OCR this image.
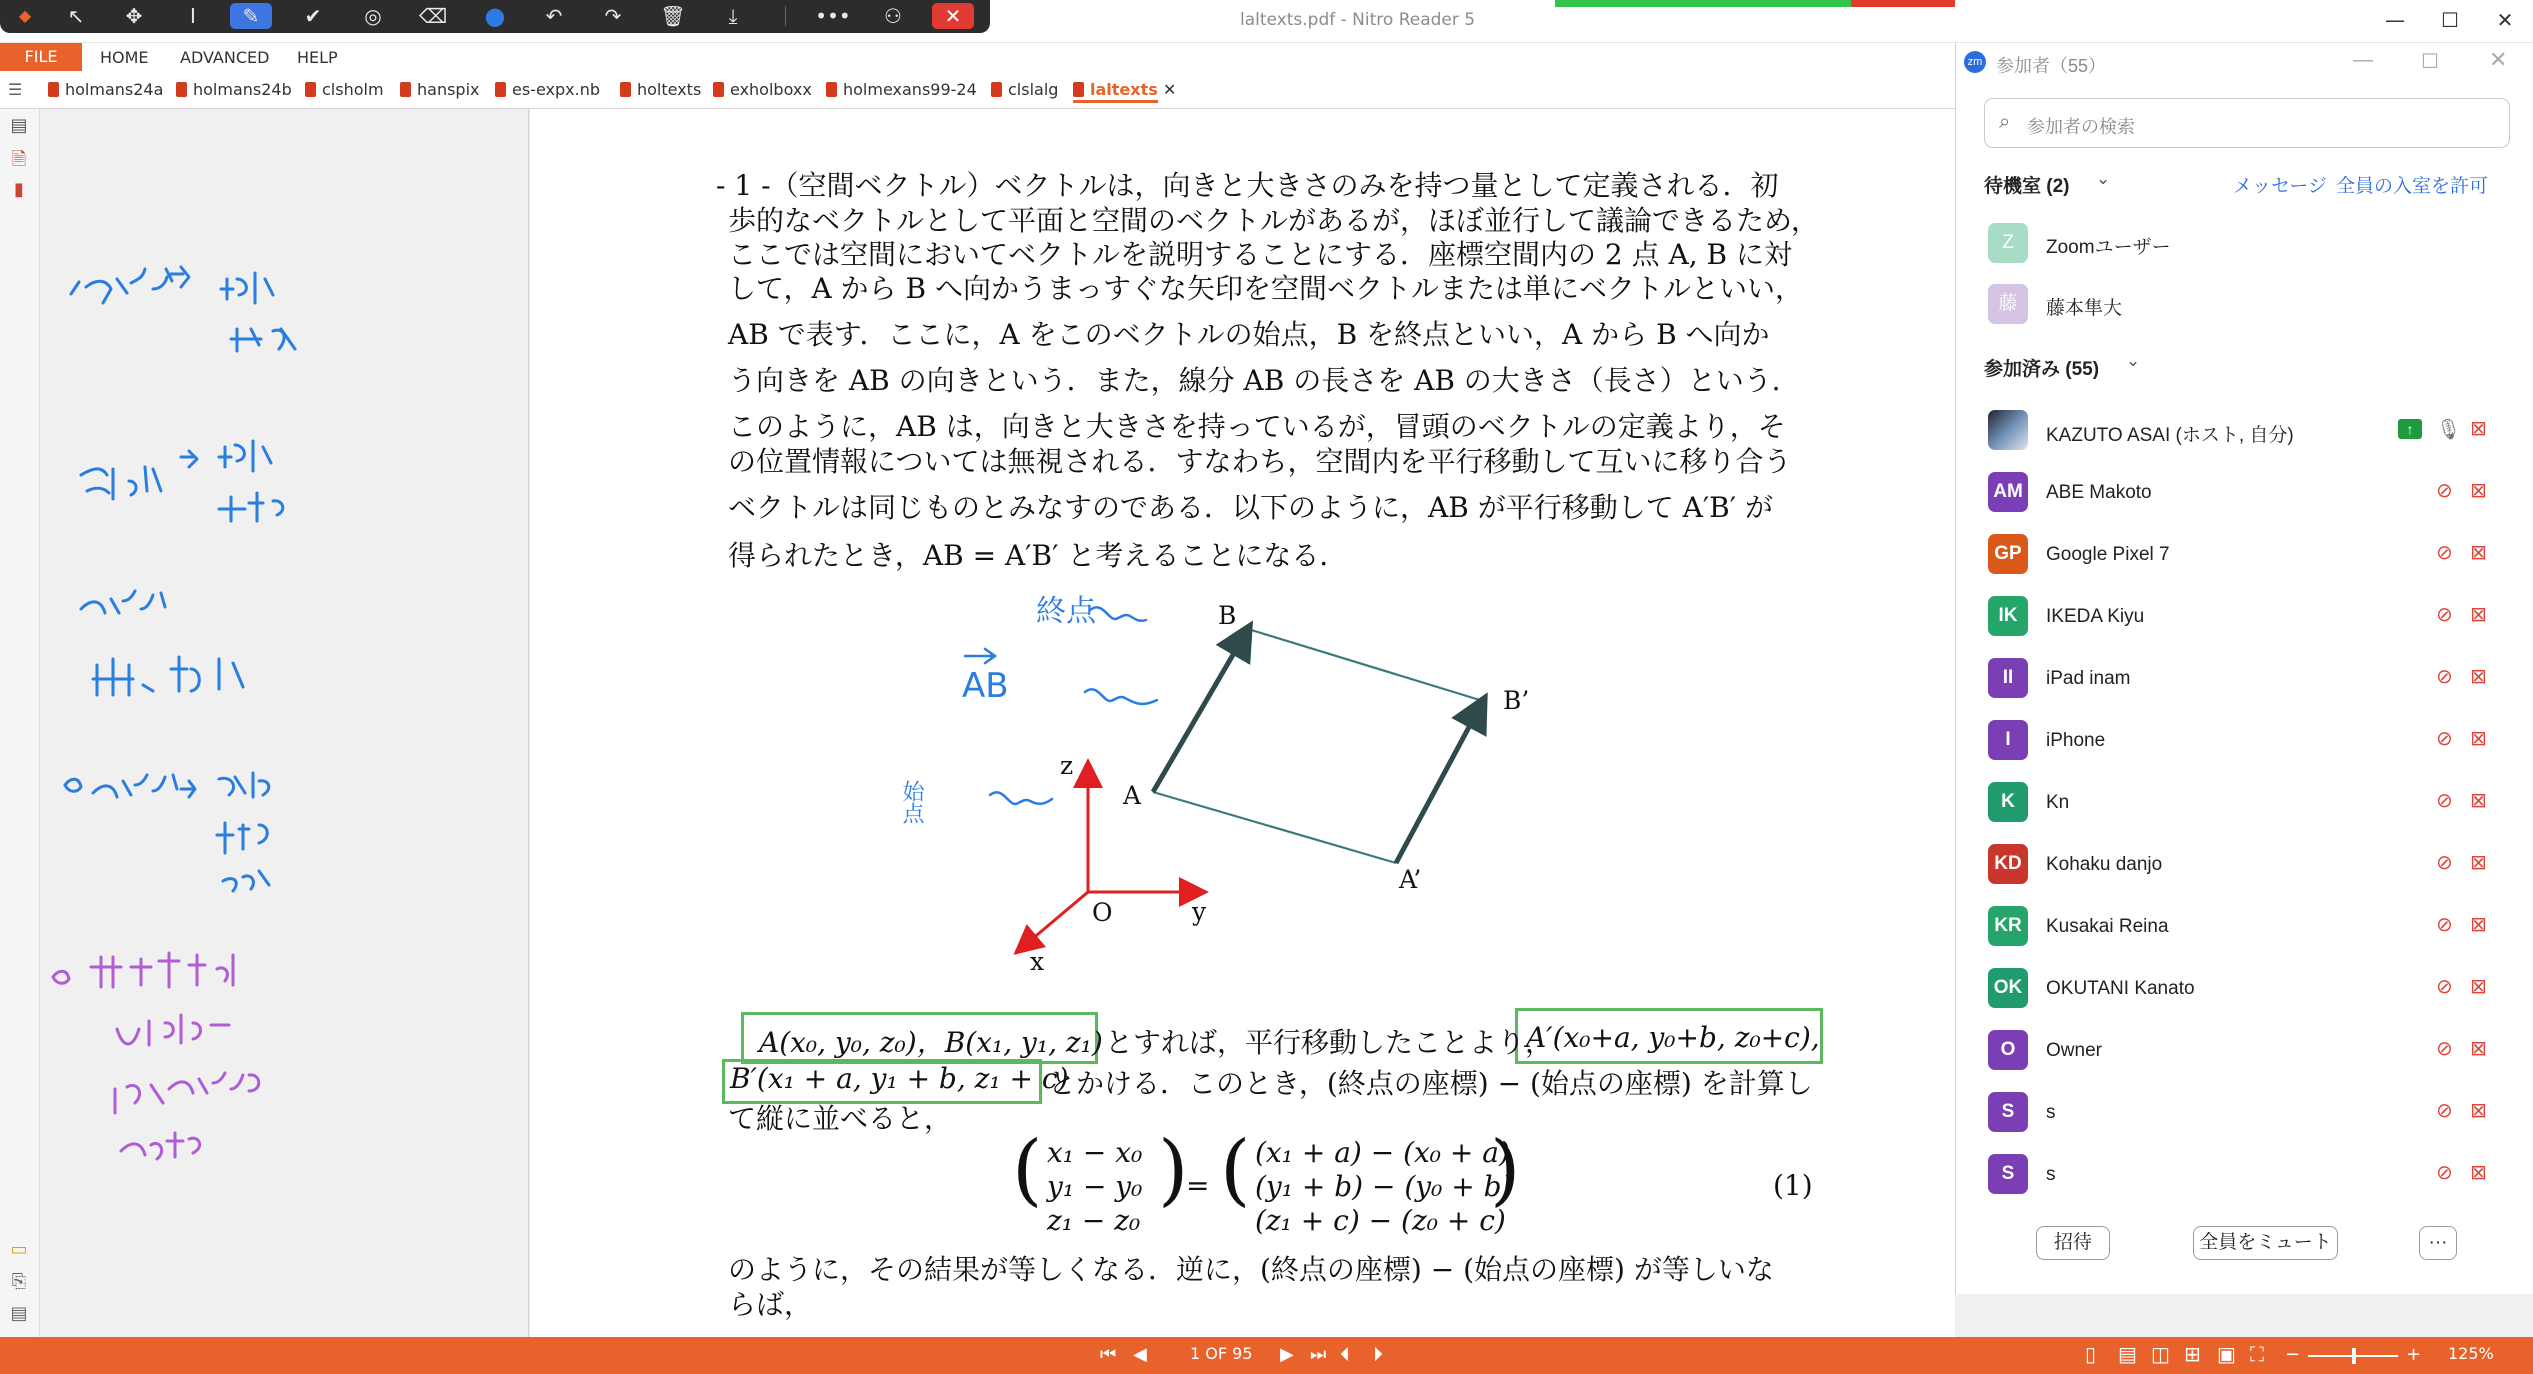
laltexts.pdf - Nitro Reader 5	—	☐	✕
◆	↖	✥	I	✎	✔	◎	⌫	●	↶	↷	🗑	⤓	•••	⚇	✕
FILE	HOME ADVANCED HELP
☰	holmans24a	holmans24b	clsholm	hanspix	es-expx.nb	holtexts	exholboxx	holmexans99-24	clslalg	laltexts ✕
▤
🗎
▮
▭
⎘
▤
- 1 -（空間ベクトル）ベクトルは，向きと大きさのみを持つ量として定義される．初
歩的なベクトルとして平面と空間のベクトルがあるが，ほぼ並行して議論できるため，
ここでは空間においてベクトルを説明することにする．座標空間内の 2 点 A, B に対
して，A から B へ向かうまっすぐな矢印を空間ベクトルまたは単にベクトルといい，
AB で表す．ここに，A をこのベクトルの始点，B を終点といい，A から B へ向か
う向きを AB の向きという．また，線分 AB の長さを AB の大きさ（長さ）という．
このように，AB は，向きと大きさを持っているが，冒頭のベクトルの定義より，そ
の位置情報については無視される．すなわち，空間内を平行移動して互いに移り合う
ベクトルは同じものとみなすのである．以下のように，AB が平行移動して A′B′ が
得られたとき，AB = A′B′ と考えることになる．
B
B’
A
A’
O	y
z
x
終点
AB
始点
A(x₀, y₀, z₀)，B(x₁, y₁, z₁) とすれば，平行移動したことより，
A′(x₀+a, y₀+b, z₀+c),
B′(x₁ + a, y₁ + b, z₁ + c)
とかける．このとき，(終点の座標) − (始点の座標) を計算し
て縦に並べると，
( x₁ − x₀
y₁ − y₀
z₁ − z₀
)
= ( (x₁ + a) − (x₀ + a)
(y₁ + b) − (y₀ + b)
(z₁ + c) − (z₀ + c)
)	(1)
のように，その結果が等しくなる．逆に，(終点の座標) − (始点の座標) が等しいな
らば，
zm 参加者（55）	— ☐ ✕
⌕ 参加者の検索
待機室 (2) ⌄	メッセージ 全員の入室を許可
Z	Zoomユーザー
藤	藤本隼大
参加済み (55) ⌄
KAZUTO ASAI (ホスト, 自分)	↑	🎙 ⊠
AM ABE Makoto	⊘ ⊠
GP	Google Pixel 7	⊘ ⊠
IK	IKEDA Kiyu	⊘ ⊠
II	iPad inam	⊘ ⊠
I	iPhone	⊘ ⊠
K	Kn	⊘ ⊠
KD	Kohaku danjo	⊘ ⊠
KR	Kusakai Reina	⊘ ⊠
OK	OKUTANI Kanato	⊘ ⊠
O	Owner	⊘ ⊠
S	s	⊘ ⊠
S	s	⊘ ⊠
招待	全員をミュート	···
⏮ ◀	1 OF 95 ▶ ⏭ ⏴ ⏵	▯ ▤ ◫ ⊞ ▣ ⛶ −	+ 125%
